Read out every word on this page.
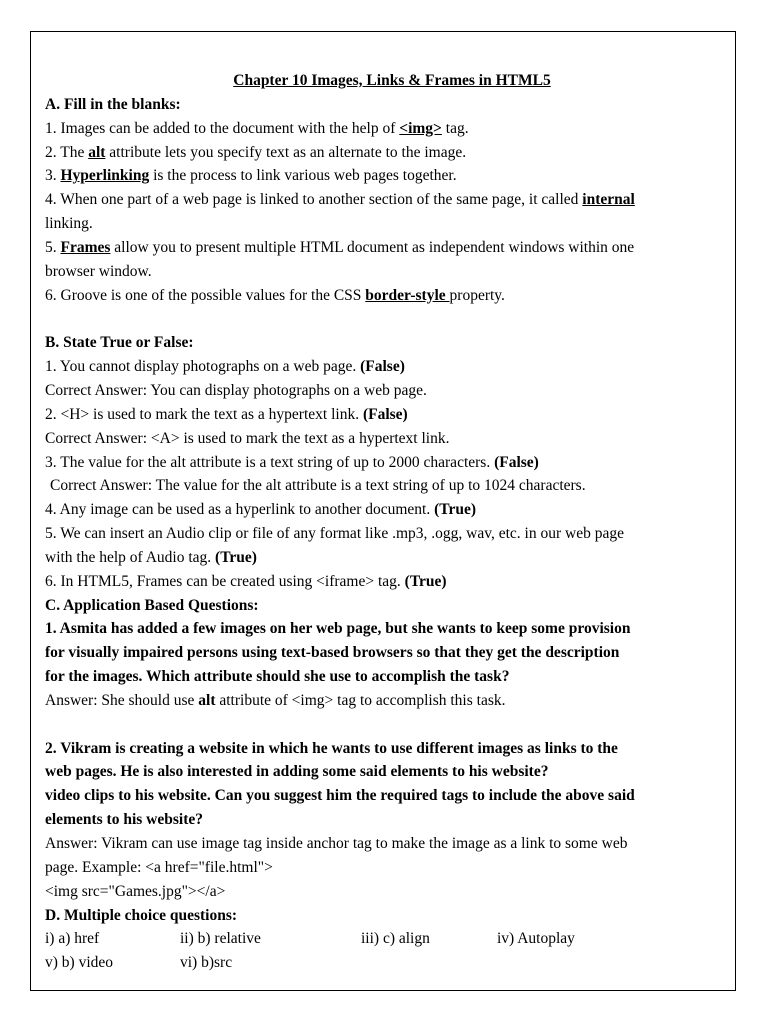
Chapter 10 Images, Links & Frames in HTML5
A. Fill in the blanks:
1. Images can be added to the document with the help of <img> tag.
2. The alt attribute lets you specify text as an alternate to the image.
3. Hyperlinking is the process to link various web pages together.
4. When one part of a web page is linked to another section of the same page, it called internal
linking.
5. Frames allow you to present multiple HTML document as independent windows within one
browser window.
6. Groove is one of the possible values for the CSS border-style property.
B. State True or False:
1. You cannot display photographs on a web page. (False)
Correct Answer: You can display photographs on a web page.
2. <H> is used to mark the text as a hypertext link. (False)
Correct Answer: <A> is used to mark the text as a hypertext link.
3. The value for the alt attribute is a text string of up to 2000 characters. (False)
Correct Answer: The value for the alt attribute is a text string of up to 1024 characters.
4. Any image can be used as a hyperlink to another document. (True)
5. We can insert an Audio clip or file of any format like .mp3, .ogg, wav, etc. in our web page
with the help of Audio tag. (True)
6. In HTML5, Frames can be created using <iframe> tag. (True)
C. Application Based Questions:
1. Asmita has added a few images on her web page, but she wants to keep some provision
for visually impaired persons using text-based browsers so that they get the description
for the images. Which attribute should she use to accomplish the task?
Answer: She should use alt attribute of <img> tag to accomplish this task.
2. Vikram is creating a website in which he wants to use different images as links to the
web pages. He is also interested in adding some said elements to his website?
video clips to his website. Can you suggest him the required tags to include the above said
elements to his website?
Answer: Vikram can use image tag inside anchor tag to make the image as a link to some web
page. Example: <a href="file.html">
<img src="Games.jpg"></a>
D. Multiple choice questions:
i) a) href	ii) b) relative	iii) c) align	iv) Autoplay
v) b) video	vi) b)src
